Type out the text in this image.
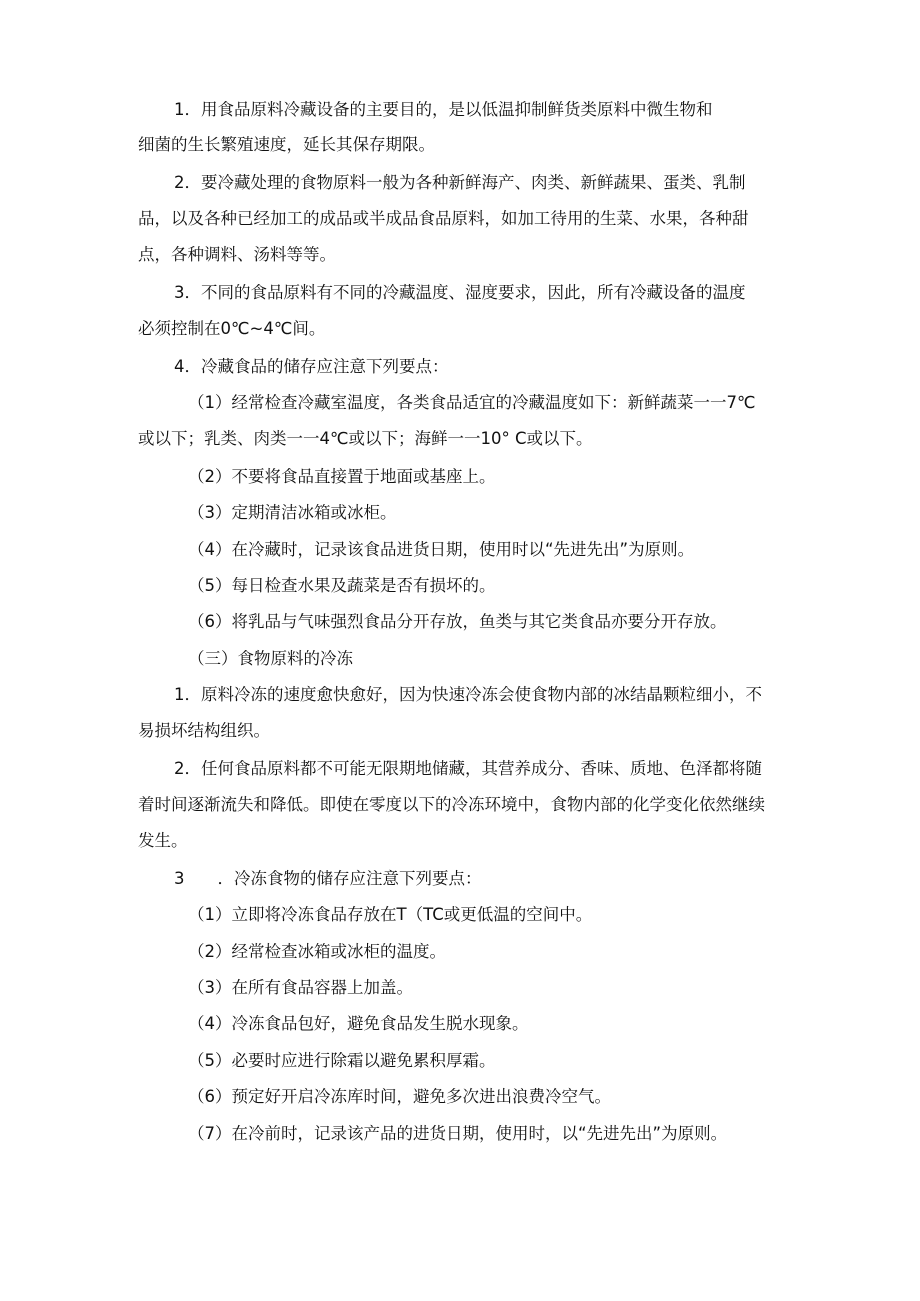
1．用食品原料冷藏设备的主要目的，是以低温抑制鲜货类原料中微生物和
细菌的生长繁殖速度，延长其保存期限。
2．要冷藏处理的食物原料一般为各种新鲜海产、肉类、新鲜蔬果、蛋类、乳制
品，以及各种已经加工的成品或半成品食品原料，如加工待用的生菜、水果，各种甜
点，各种调料、汤料等等。
3．不同的食品原料有不同的冷藏温度、湿度要求，因此，所有冷藏设备的温度
必须控制在0℃~4℃间。
4．冷藏食品的储存应注意下列要点：
（1）经常检查冷藏室温度，各类食品适宜的冷藏温度如下：新鲜蔬菜一一7℃
或以下；乳类、肉类一一4℃或以下；海鲜一一10° C或以下。
（2）不要将食品直接置于地面或基座上。
（3）定期清洁冰箱或冰柜。
（4）在冷藏时，记录该食品进货日期，使用时以“先进先出”为原则。
（5）每日检查水果及蔬菜是否有损坏的。
（6）将乳品与气味强烈食品分开存放，鱼类与其它类食品亦要分开存放。
（三）食物原料的冷冻
1．原料冷冻的速度愈快愈好，因为快速冷冻会使食物内部的冰结晶颗粒细小，不
易损坏结构组织。
2．任何食品原料都不可能无限期地储藏，其营养成分、香味、质地、色泽都将随
着时间逐渐流失和降低。即使在零度以下的冷冻环境中，食物内部的化学变化依然继续
发生。
3　　．冷冻食物的储存应注意下列要点：
（1）立即将冷冻食品存放在T（TC或更低温的空间中。
（2）经常检查冰箱或冰柜的温度。
（3）在所有食品容器上加盖。
（4）冷冻食品包好，避免食品发生脱水现象。
（5）必要时应进行除霜以避免累积厚霜。
（6）预定好开启冷冻库时间，避免多次进出浪费冷空气。
（7）在冷前时，记录该产品的进货日期，使用时，以“先进先出”为原则。
